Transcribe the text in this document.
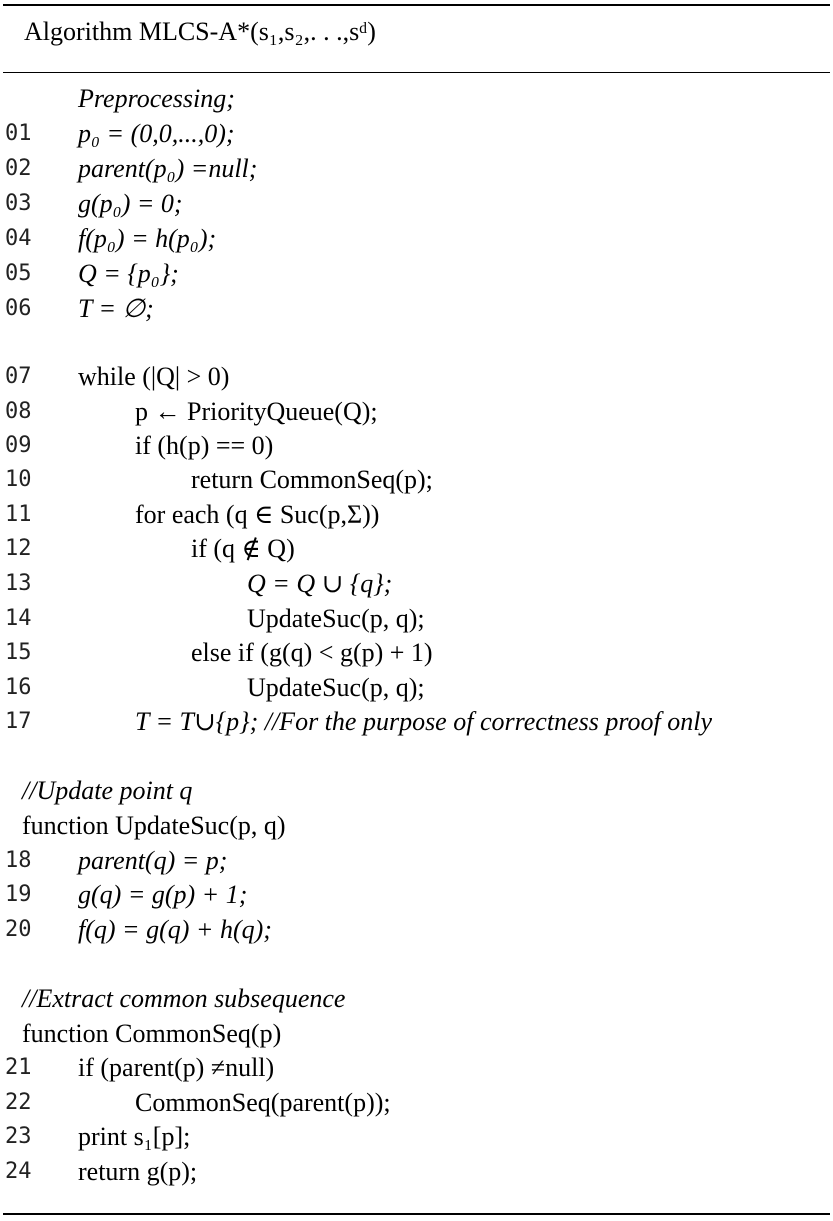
Algorithm MLCS-A*(s₁,s₂,. . .,sᵈ)
Preprocessing;
01 p₀ = (0,0,...,0);
02 parent(p₀) =null;
03 g(p₀) = 0;
04 f(p₀) = h(p₀);
05 Q = {p₀};
06 T = ∅;
07 while (|Q| > 0)
08	p ← PriorityQueue(Q);
09	if (h(p) == 0)
10	return CommonSeq(p);
11	for each (q ∈ Suc(p,Σ))
12	if (q ∉ Q)
13	Q = Q ∪ {q};
14	UpdateSuc(p, q);
15	else if (g(q) < g(p) + 1)
16	UpdateSuc(p, q);
17	T = T∪{p}; //For the purpose of correctness proof only
//Update point q
function UpdateSuc(p, q)
18 parent(q) = p;
19 g(q) = g(p) + 1;
20 f(q) = g(q) + h(q);
//Extract common subsequence
function CommonSeq(p)
21 if (parent(p) ≠null)
22	CommonSeq(parent(p));
23 print s₁[p];
24 return g(p);
